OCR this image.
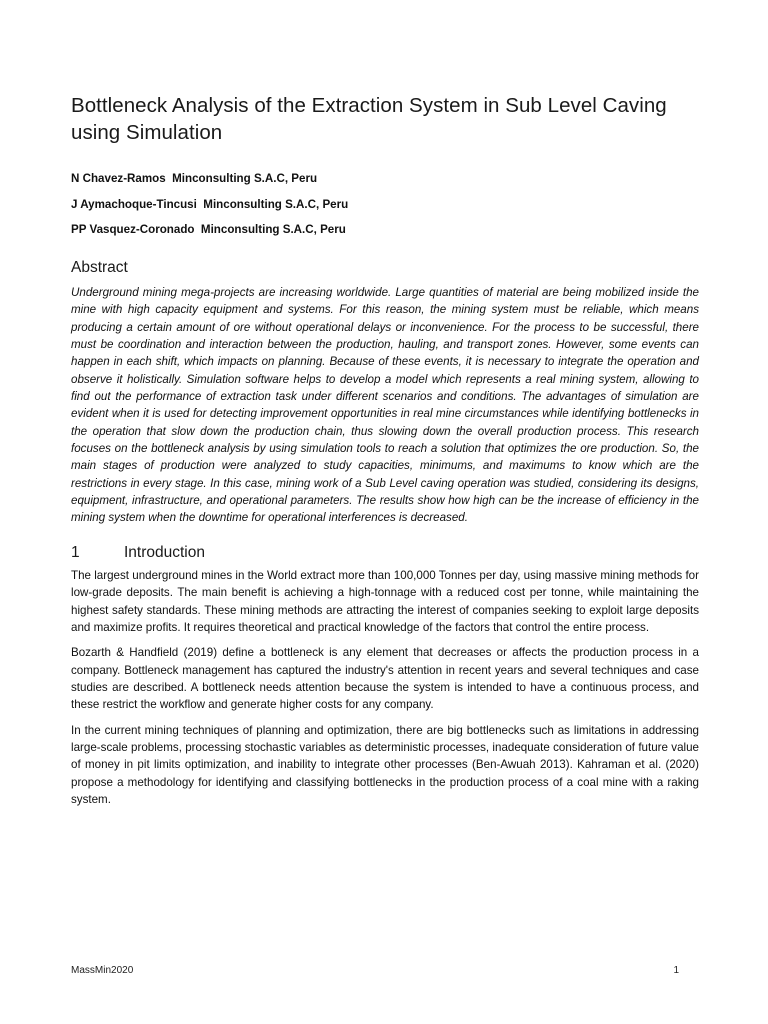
Bottleneck Analysis of the Extraction System in Sub Level Caving using Simulation
N Chavez-Ramos  Minconsulting S.A.C, Peru
J Aymachoque-Tincusi  Minconsulting S.A.C, Peru
PP Vasquez-Coronado  Minconsulting S.A.C, Peru
Abstract

Underground mining mega-projects are increasing worldwide. Large quantities of material are being mobilized inside the mine with high capacity equipment and systems. For this reason, the mining system must be reliable, which means producing a certain amount of ore without operational delays or inconvenience. For the process to be successful, there must be coordination and interaction between the production, hauling, and transport zones. However, some events can happen in each shift, which impacts on planning. Because of these events, it is necessary to integrate the operation and observe it holistically. Simulation software helps to develop a model which represents a real mining system, allowing to find out the performance of extraction task under different scenarios and conditions. The advantages of simulation are evident when it is used for detecting improvement opportunities in real mine circumstances while identifying bottlenecks in the operation that slow down the production chain, thus slowing down the overall production process. This research focuses on the bottleneck analysis by using simulation tools to reach a solution that optimizes the ore production. So, the main stages of production were analyzed to study capacities, minimums, and maximums to know which are the restrictions in every stage. In this case, mining work of a Sub Level caving operation was studied, considering its designs, equipment, infrastructure, and operational parameters. The results show how high can be the increase of efficiency in the mining system when the downtime for operational interferences is decreased.

1	Introduction

The largest underground mines in the World extract more than 100,000 Tonnes per day, using massive mining methods for low-grade deposits. The main benefit is achieving a high-tonnage with a reduced cost per tonne, while maintaining the highest safety standards. These mining methods are attracting the interest of companies seeking to exploit large deposits and maximize profits. It requires theoretical and practical knowledge of the factors that control the entire process.

Bozarth & Handfield (2019) define a bottleneck is any element that decreases or affects the production process in a company. Bottleneck management has captured the industry's attention in recent years and several techniques and case studies are described. A bottleneck needs attention because the system is intended to have a continuous process, and these restrict the workflow and generate higher costs for any company.

In the current mining techniques of planning and optimization, there are big bottlenecks such as limitations in addressing large-scale problems, processing stochastic variables as deterministic processes, inadequate consideration of future value of money in pit limits optimization, and inability to integrate other processes (Ben-Awuah 2013). Kahraman et al. (2020) propose a methodology for identifying and classifying bottlenecks in the production process of a coal mine with a raking system.

MassMin2020	1
